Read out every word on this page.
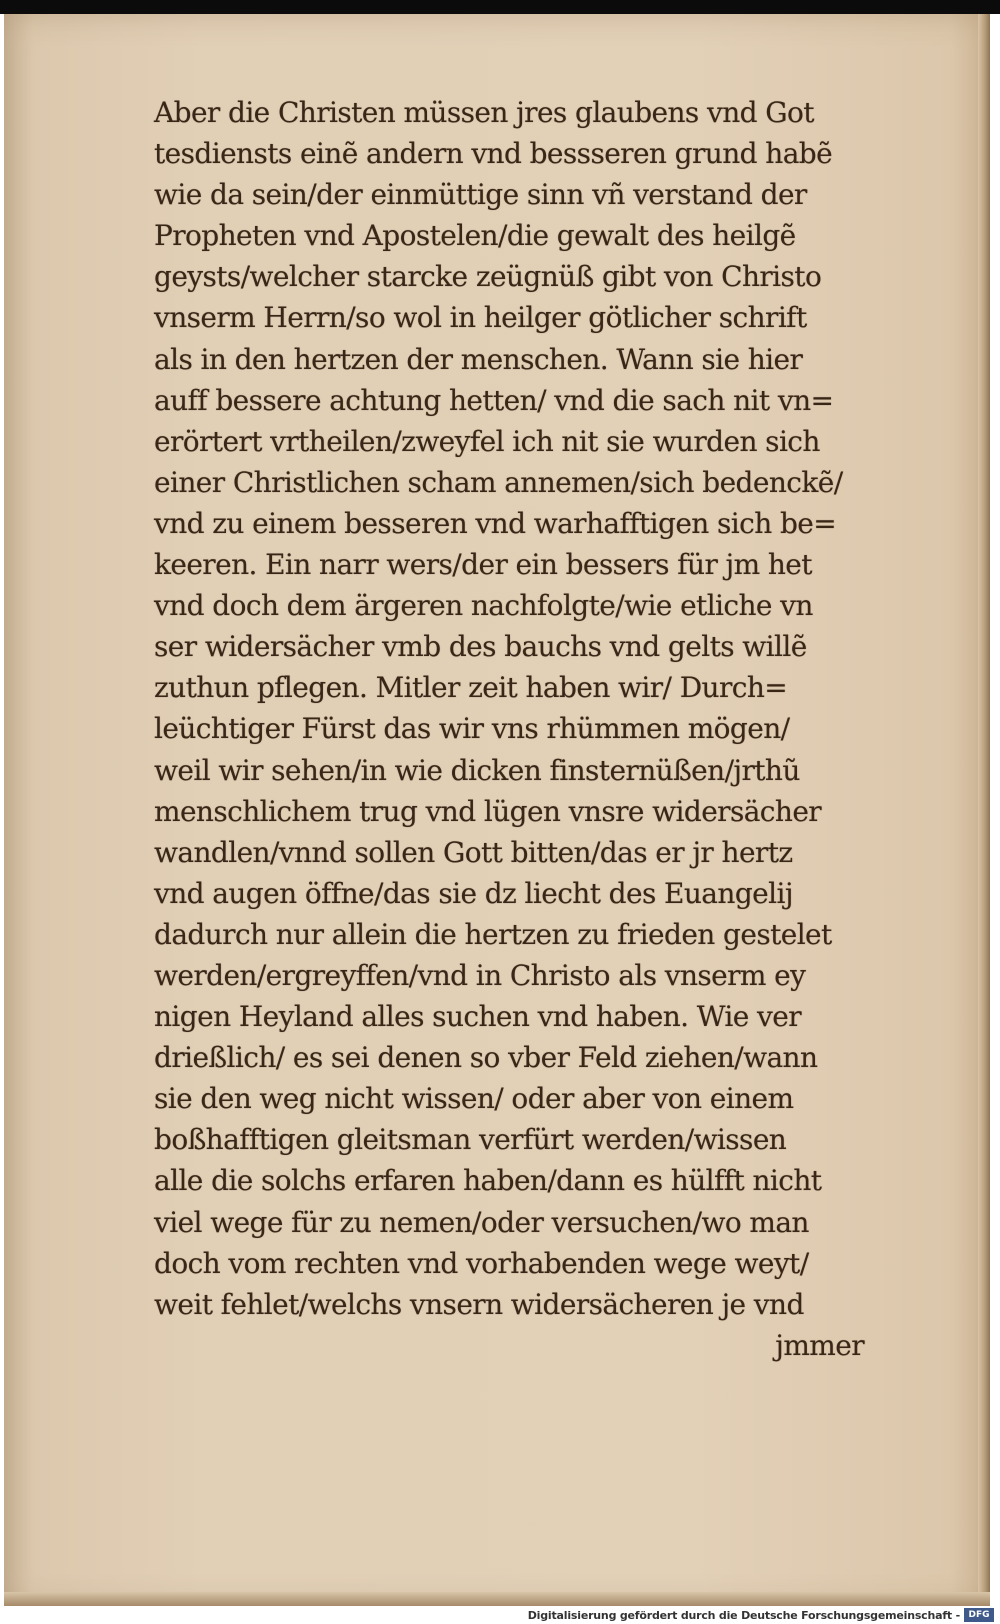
Aber die Christen müssen jres glaubens vnd Got
tesdiensts einẽ andern vnd bessseren grund habẽ
wie da sein/der einmüttige sinn vñ verstand der
Propheten vnd Apostelen/die gewalt des heilgẽ
geysts/welcher starcke zeügnüß gibt von Christo
vnserm Herrn/so wol in heilger götlicher schrift
als in den hertzen der menschen. Wann sie hier
auff bessere achtung hetten/ vnd die sach nit vn=
erörtert vrtheilen/zweyfel ich nit sie wurden sich
einer Christlichen scham annemen/sich bedenckẽ/
vnd zu einem besseren vnd warhafftigen sich be=
keeren. Ein narr wers/der ein bessers für jm het
vnd doch dem ärgeren nachfolgte/wie etliche vn
ser widersächer vmb des bauchs vnd gelts willẽ
zuthun pflegen. Mitler zeit haben wir/ Durch=
leüchtiger Fürst das wir vns rhümmen mögen/
weil wir sehen/in wie dicken finsternüßen/jrthũ
menschlichem trug vnd lügen vnsre widersächer
wandlen/vnnd sollen Gott bitten/das er jr hertz
vnd augen öffne/das sie dz liecht des Euangelij
dadurch nur allein die hertzen zu frieden gestelet
werden/ergreyffen/vnd in Christo als vnserm ey
nigen Heyland alles suchen vnd haben. Wie ver
drießlich/ es sei denen so vber Feld ziehen/wann
sie den weg nicht wissen/ oder aber von einem
boßhafftigen gleitsman verfürt werden/wissen
alle die solchs erfaren haben/dann es hülfft nicht
viel wege für zu nemen/oder versuchen/wo man
doch vom rechten vnd vorhabenden wege weyt/
weit fehlet/welchs vnsern widersächeren je vnd
jmmer
Digitalisierung gefördert durch die Deutsche Forschungsgemeinschaft - DFG
